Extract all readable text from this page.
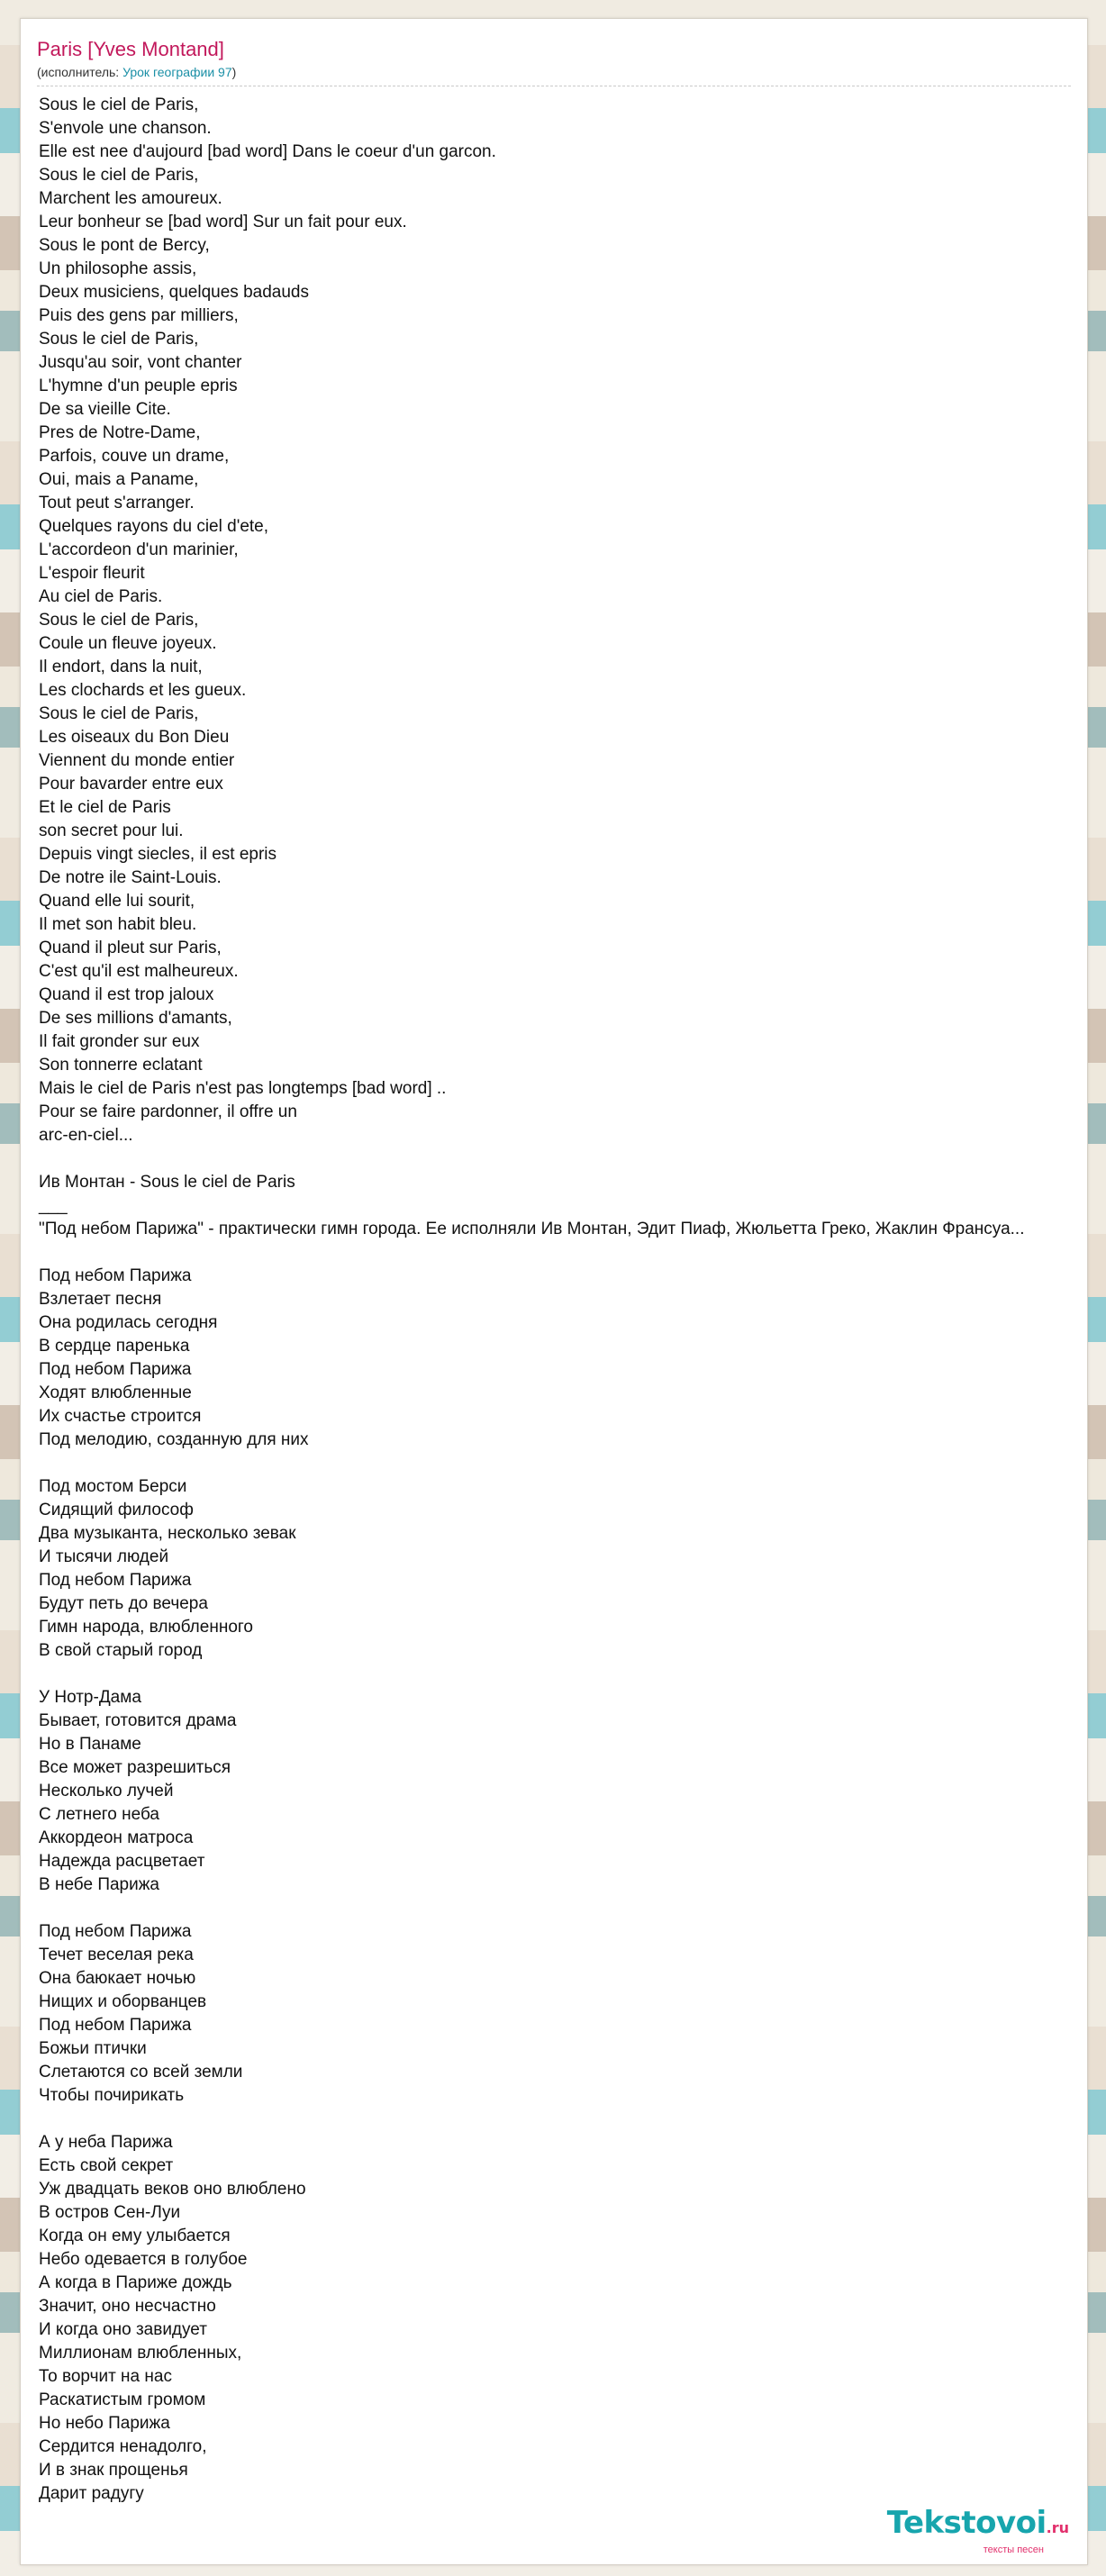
Paris [Yves Montand]
(исполнитель: Урок географии 97)
Sous le ciel de Paris,
S'envole une chanson.
Elle est nee d'aujourd [bad word] Dans le coeur d'un garcon.
Sous le ciel de Paris,
Marchent les amoureux.
Leur bonheur se [bad word] Sur un fait pour eux.
Sous le pont de Bercy,
Un philosophe assis,
Deux musiciens, quelques badauds
Puis des gens par milliers,
Sous le ciel de Paris,
Jusqu'au soir, vont chanter
L'hymne d'un peuple epris
De sa vieille Cite.
Pres de Notre-Dame,
Parfois, couve un drame,
Oui, mais a Paname,
Tout peut s'arranger.
Quelques rayons du ciel d'ete,
L'accordeon d'un marinier,
L'espoir fleurit
Au ciel de Paris.
Sous le ciel de Paris,
Coule un fleuve joyeux.
Il endort, dans la nuit,
Les clochards et les gueux.
Sous le ciel de Paris,
Les oiseaux du Bon Dieu
Viennent du monde entier
Pour bavarder entre eux
Et le ciel de Paris
son secret pour lui.
Depuis vingt siecles, il est epris
De notre ile Saint-Louis.
Quand elle lui sourit,
Il met son habit bleu.
Quand il pleut sur Paris,
C'est qu'il est malheureux.
Quand il est trop jaloux
De ses millions d'amants,
Il fait gronder sur eux
Son tonnerre eclatant
Mais le ciel de Paris n'est pas longtemps [bad word] ..
Pour se faire pardonner, il offre un
arc-en-ciel...

Ив Монтан - Sous le ciel de Paris
___
"Под небом Парижа" - практически гимн города. Ее исполняли Ив Монтан, Эдит Пиаф, Жюльетта Греко, Жаклин Франсуа...

Под небом Парижа
Взлетает песня
Она родилась сегодня
В сердце паренька
Под небом Парижа
Ходят влюбленные
Их счастье строится
Под мелодию, созданную для них

Под мостом Берси
Сидящий философ
Два музыканта, несколько зевак
И тысячи людей
Под небом Парижа
Будут петь до вечера
Гимн народа, влюбленного
В свой старый город

У Нотр-Дама
Бывает, готовится драма
Но в Панаме
Все может разрешиться
Несколько лучей
С летнего неба
Аккордеон матроса
Надежда расцветает
В небе Парижа

Под небом Парижа
Течет веселая река
Она баюкает ночью
Нищих и оборванцев
Под небом Парижа
Божьи птички
Слетаются со всей земли
Чтобы почирикать

А у неба Парижа
Есть свой секрет
Уж двадцать веков оно влюблено
В остров Сен-Луи
Когда он ему улыбается
Небо одевается в голубое
А когда в Париже дождь
Значит, оно несчастно
И когда оно завидует
Миллионам влюбленных,
То ворчит на нас
Раскатистым громом
Но небо Парижа
Сердится ненадолго,
И в знак прощенья
Дарит радугу
Tekstovoi.ru
тексты песен
